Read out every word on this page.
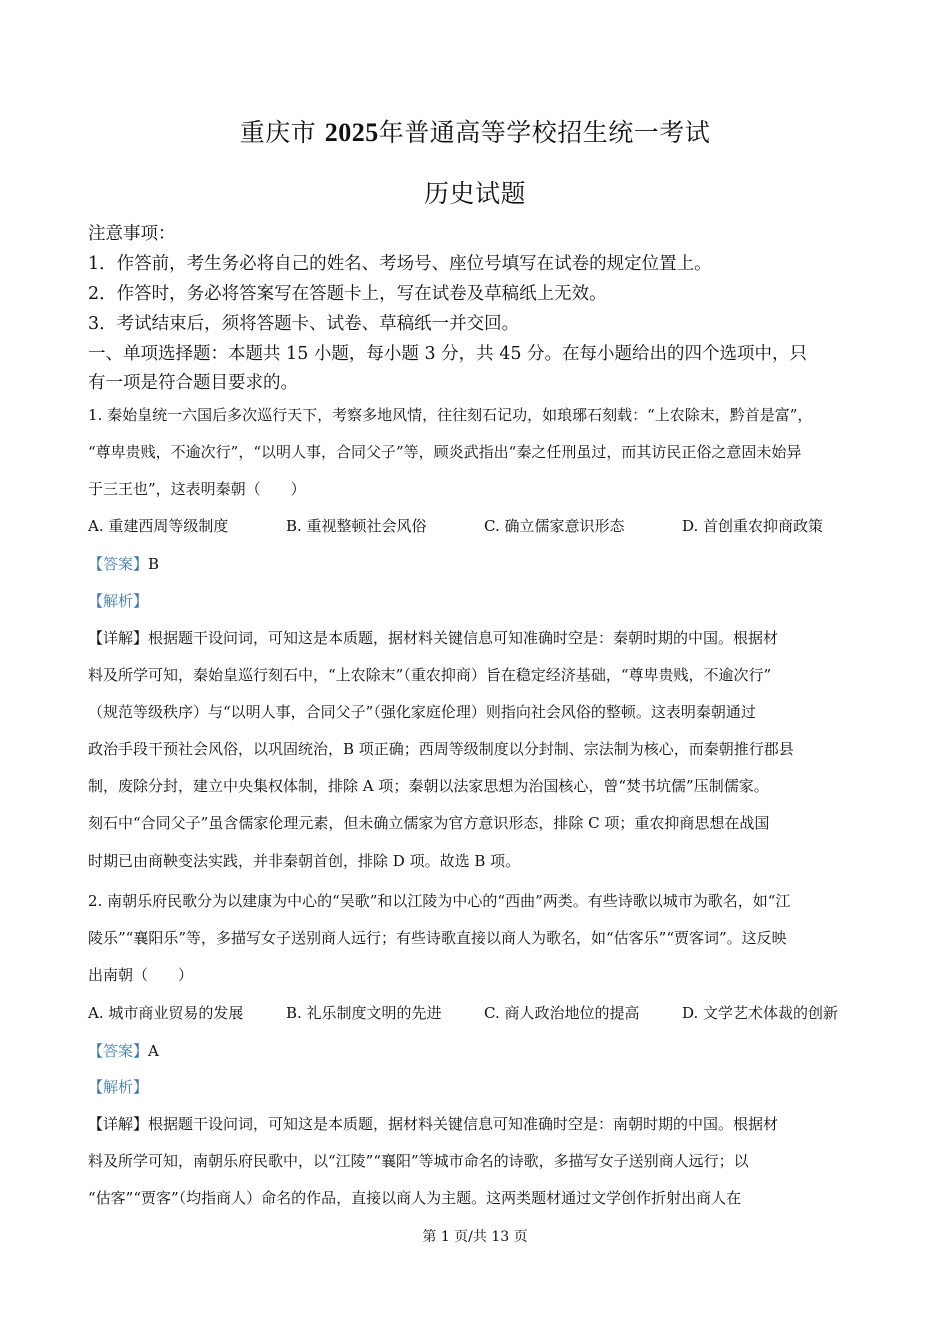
重庆市 2025年普通高等学校招生统一考试
历史试题
注意事项：
1．作答前，考生务必将自己的姓名、考场号、座位号填写在试卷的规定位置上。
2．作答时，务必将答案写在答题卡上，写在试卷及草稿纸上无效。
3．考试结束后，须将答题卡、试卷、草稿纸一并交回。
一、单项选择题：本题共 15 小题，每小题 3 分，共 45 分。在每小题给出的四个选项中，只
有一项是符合题目要求的。
1. 秦始皇统一六国后多次巡行天下，考察多地风情，往往刻石记功，如琅琊石刻载：“上农除末，黔首是富”，
“尊卑贵贱，不逾次行”，“以明人事，合同父子”等，顾炎武指出“秦之任刑虽过，而其访民正俗之意固未始异
于三王也”，这表明秦朝（　　）
A. 重建西周等级制度	B. 重视整顿社会风俗	C. 确立儒家意识形态	D. 首创重农抑商政策
【答案】B
【解析】
【详解】根据题干设问词，可知这是本质题，据材料关键信息可知准确时空是：秦朝时期的中国。根据材
料及所学可知，秦始皇巡行刻石中，“上农除末”（重农抑商）旨在稳定经济基础，“尊卑贵贱，不逾次行”
（规范等级秩序）与“以明人事，合同父子”（强化家庭伦理）则指向社会风俗的整顿。这表明秦朝通过
政治手段干预社会风俗，以巩固统治，B 项正确；西周等级制度以分封制、宗法制为核心，而秦朝推行郡县
制，废除分封，建立中央集权体制，排除 A 项；秦朝以法家思想为治国核心，曾“焚书坑儒”压制儒家。
刻石中“合同父子”虽含儒家伦理元素，但未确立儒家为官方意识形态，排除 C 项；重农抑商思想在战国
时期已由商鞅变法实践，并非秦朝首创，排除 D 项。故选 B 项。
2. 南朝乐府民歌分为以建康为中心的“吴歌”和以江陵为中心的“西曲”两类。有些诗歌以城市为歌名，如“江
陵乐”“襄阳乐”等，多描写女子送别商人远行；有些诗歌直接以商人为歌名，如“估客乐”“贾客词”。这反映
出南朝（　　）
A. 城市商业贸易的发展	B. 礼乐制度文明的先进	C. 商人政治地位的提高	D. 文学艺术体裁的创新
【答案】A
【解析】
【详解】根据题干设问词，可知这是本质题，据材料关键信息可知准确时空是：南朝时期的中国。根据材
料及所学可知，南朝乐府民歌中，以“江陵”“襄阳”等城市命名的诗歌，多描写女子送别商人远行；以
“估客”“贾客”（均指商人）命名的作品，直接以商人为主题。这两类题材通过文学创作折射出商人在
第 1 页/共 13 页
